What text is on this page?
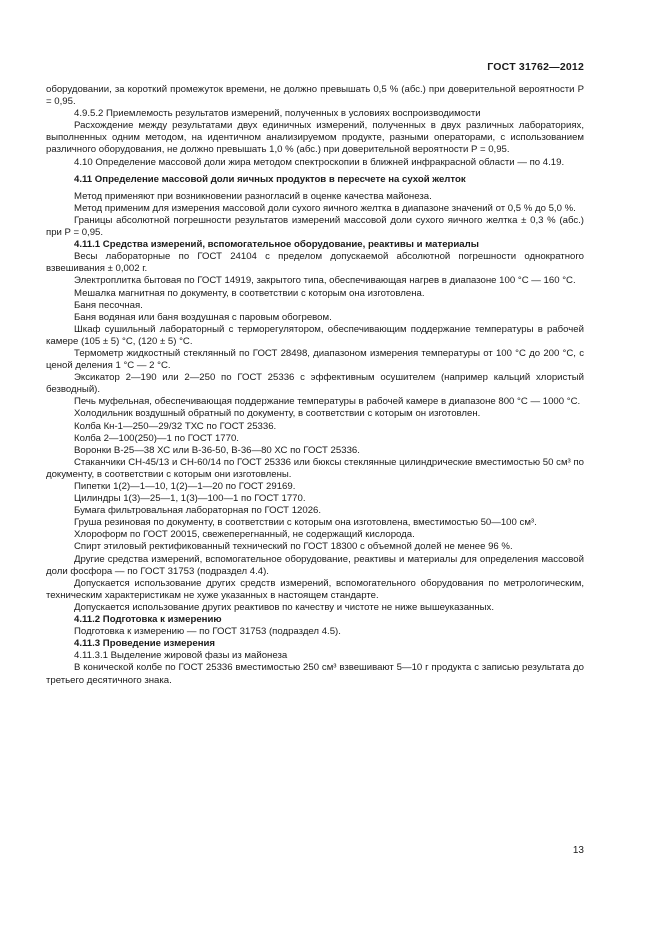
ГОСТ 31762—2012

оборудовании, за короткий промежуток времени, не должно превышать 0,5 % (абс.) при доверительной вероятности P = 0,95.

4.9.5.2 Приемлемость результатов измерений, полученных в условиях воспроизводимости

Расхождение между результатами двух единичных измерений, полученных в двух различных лабораториях, выполненных одним методом, на идентичном анализируемом продукте, разными операторами, с использованием различного оборудования, не должно превышать 1,0 % (абс.) при доверительной вероятности P = 0,95.

4.10 Определение массовой доли жира методом спектроскопии в ближней инфракрасной области — по 4.19.

4.11 Определение массовой доли яичных продуктов в пересчете на сухой желток

Метод применяют при возникновении разногласий в оценке качества майонеза.

Метод применим для измерения массовой доли сухого яичного желтка в диапазоне значений от 0,5 % до 5,0 %.

Границы абсолютной погрешности результатов измерений массовой доли сухого яичного желтка ± 0,3 % (абс.) при P = 0,95.

4.11.1 Средства измерений, вспомогательное оборудование, реактивы и материалы

Весы лабораторные по ГОСТ 24104 с пределом допускаемой абсолютной погрешности однократного взвешивания ± 0,002 г.

Электроплитка бытовая по ГОСТ 14919, закрытого типа, обеспечивающая нагрев в диапазоне 100 °С — 160 °С.

Мешалка магнитная по документу, в соответствии с которым она изготовлена.

Баня песочная.

Баня водяная или баня воздушная с паровым обогревом.

Шкаф сушильный лабораторный с терморегулятором, обеспечивающим поддержание температуры в рабочей камере (105 ± 5) °С, (120 ± 5) °С.

Термометр жидкостный стеклянный по ГОСТ 28498, диапазоном измерения температуры от 100 °С до 200 °С, с ценой деления 1 °С — 2 °С.

Эксикатор 2—190 или 2—250 по ГОСТ 25336 с эффективным осушителем (например кальций хлористый безводный).

Печь муфельная, обеспечивающая поддержание температуры в рабочей камере в диапазоне 800 °С — 1000 °С.

Холодильник воздушный обратный по документу, в соответствии с которым он изготовлен.

Колба Кн-1—250—29/32 ТХС по ГОСТ 25336.

Колба 2—100(250)—1 по ГОСТ 1770.

Воронки В-25—38 ХС или В-36-50, В-36—80 ХС по ГОСТ 25336.

Стаканчики СН-45/13 и СН-60/14 по ГОСТ 25336 или бюксы стеклянные цилиндрические вместимостью 50 см³ по документу, в соответствии с которым они изготовлены.

Пипетки 1(2)—1—10, 1(2)—1—20 по ГОСТ 29169.

Цилиндры 1(3)—25—1, 1(3)—100—1 по ГОСТ 1770.

Бумага фильтровальная лабораторная по ГОСТ 12026.

Груша резиновая по документу, в соответствии с которым она изготовлена, вместимостью 50—100 см³.

Хлороформ по ГОСТ 20015, свежеперегнанный, не содержащий кислорода.

Спирт этиловый ректификованный технический по ГОСТ 18300 с объемной долей не менее 96 %.

Другие средства измерений, вспомогательное оборудование, реактивы и материалы для определения массовой доли фосфора — по ГОСТ 31753 (подраздел 4.4).

Допускается использование других средств измерений, вспомогательного оборудования по метрологическим, техническим характеристикам не хуже указанных в настоящем стандарте.

Допускается использование других реактивов по качеству и чистоте не ниже вышеуказанных.

4.11.2 Подготовка к измерению

Подготовка к измерению — по ГОСТ 31753 (подраздел 4.5).

4.11.3 Проведение измерения

4.11.3.1 Выделение жировой фазы из майонеза

В конической колбе по ГОСТ 25336 вместимостью 250 см³ взвешивают 5—10 г продукта с записью результата до третьего десятичного знака.

13
